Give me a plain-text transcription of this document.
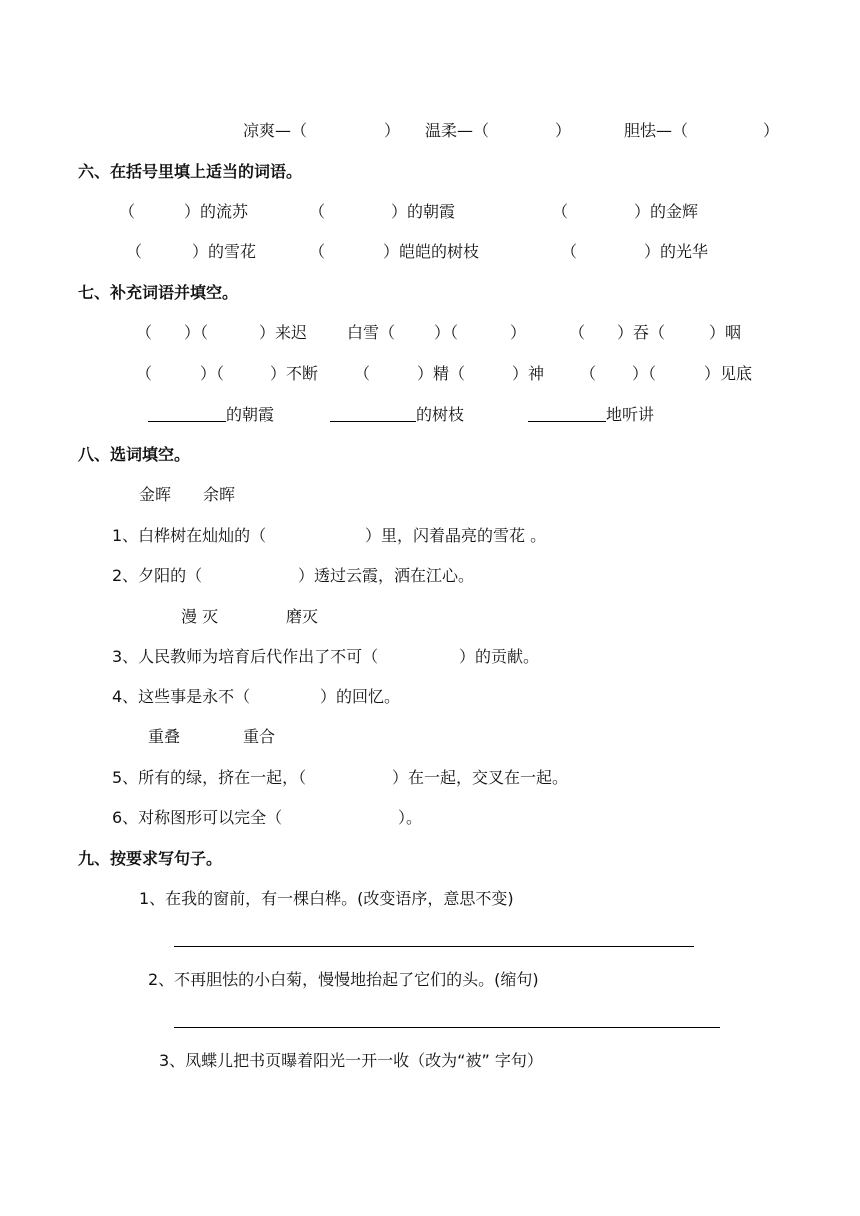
凉爽—（	） 温柔—（	）	胆怯—（	）
六、在括号里填上适当的词语。
（	）的流苏	（	）的朝霞	（	）的金辉
（	）的雪花	（	）皑皑的树枝	（	）的光华
七、补充词语并填空。
（ ）（	）来迟 白雪（ ）（	）	（ ）吞（	）咽
（	）（	）不断 （	）精（	）神 （ ）（	）见底
的朝霞	的树枝	地听讲
八、选词填空。
金晖　　余晖
1、白桦树在灿灿的（	）里，闪着晶亮的雪花 。
2、夕阳的（	）透过云霞，洒在江心。
漫 灭	磨灭
3、人民教师为培育后代作出了不可（	）的贡献。
4、这些事是永不（	）的回忆。
重叠	重合
5、所有的绿，挤在一起，（	）在一起，交叉在一起。
6、对称图形可以完全（	）。
九、按要求写句子。
1、在我的窗前，有一棵白桦。(改变语序，意思不变)
2、不再胆怯的小白菊，慢慢地抬起了它们的头。(缩句)
3、凤蝶儿把书页曝着阳光一开一收（改为“被” 字句）
